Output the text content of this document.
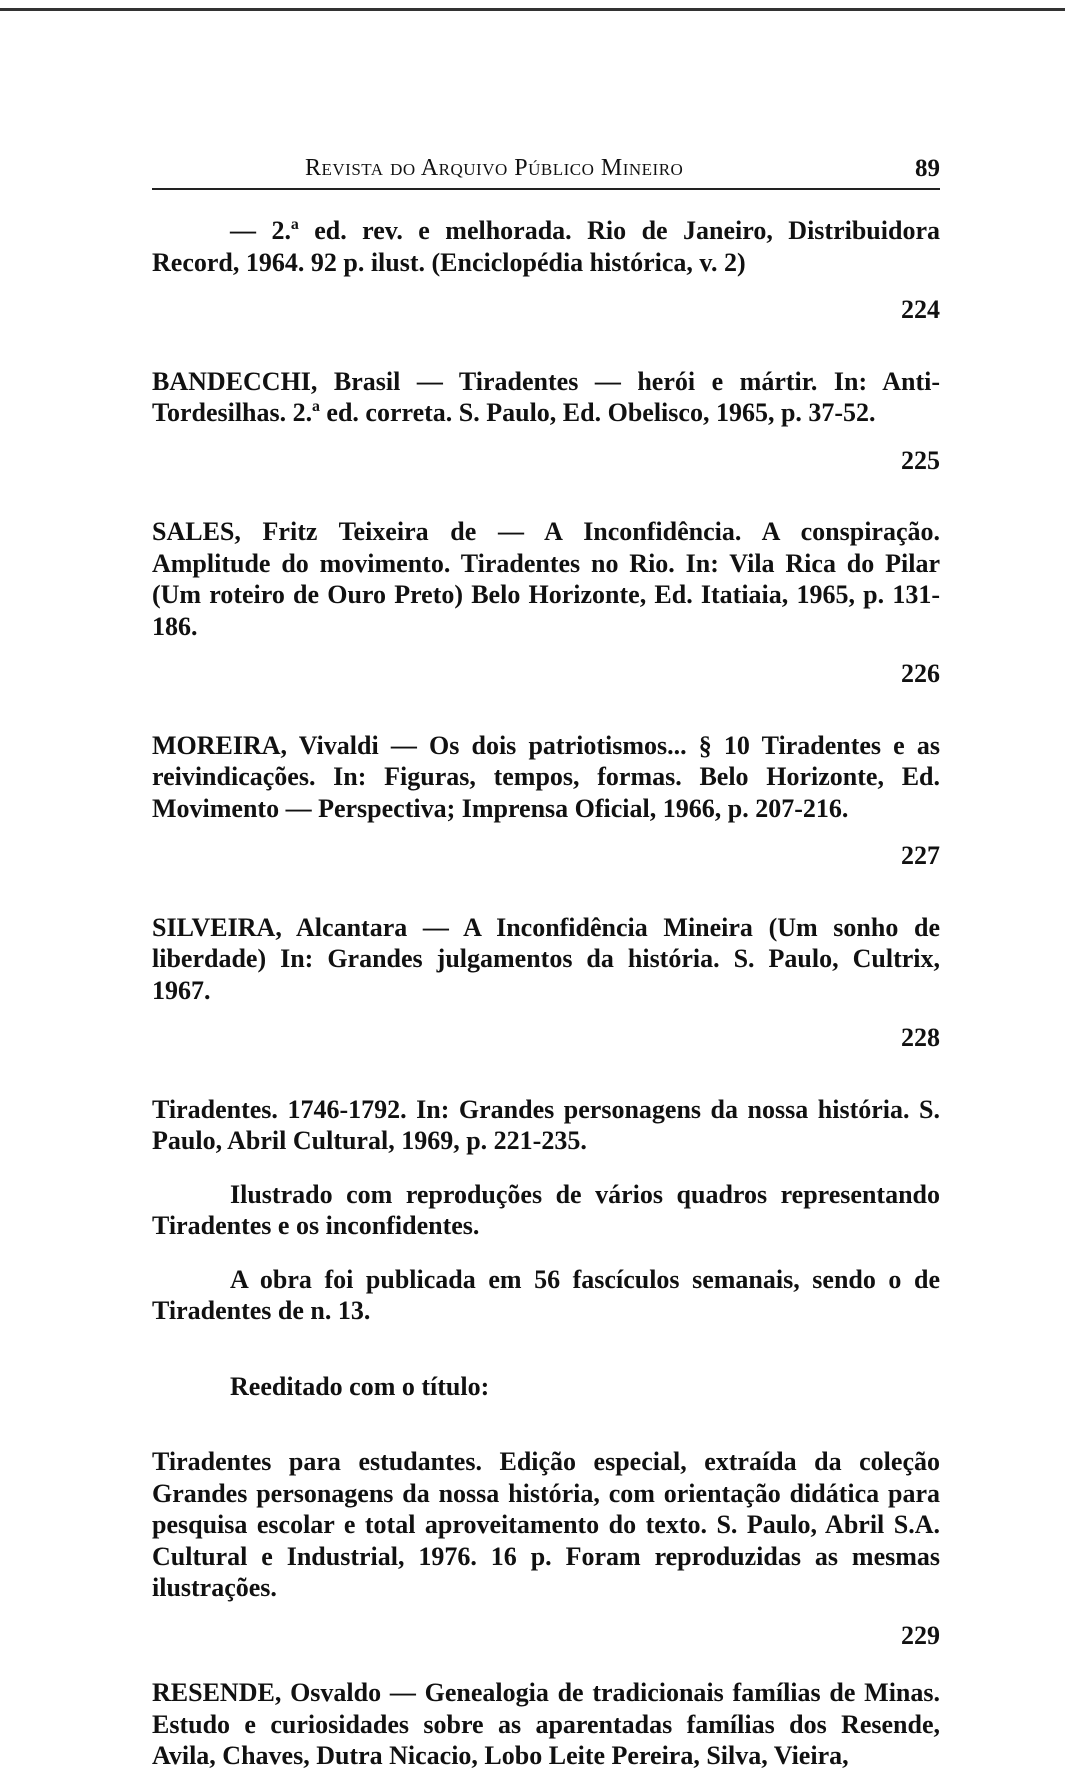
Revista do Arquivo Público Mineiro	89

— 2.ª ed. rev. e melhorada. Rio de Janeiro, Distribuidora Record, 1964. 92 p. ilust. (Enciclopédia histórica, v. 2)

224

BANDECCHI, Brasil — Tiradentes — herói e mártir. In: Anti-Tordesilhas. 2.ª ed. correta. S. Paulo, Ed. Obelisco, 1965, p. 37-52.

225

SALES, Fritz Teixeira de — A Inconfidência. A conspiração. Amplitude do movimento. Tiradentes no Rio. In: Vila Rica do Pilar (Um roteiro de Ouro Preto) Belo Horizonte, Ed. Itatiaia, 1965, p. 131-186.

226

MOREIRA, Vivaldi — Os dois patriotismos... § 10 Tiradentes e as reivindicações. In: Figuras, tempos, formas. Belo Horizonte, Ed. Movimento — Perspectiva; Imprensa Oficial, 1966, p. 207-216.

227

SILVEIRA, Alcantara — A Inconfidência Mineira (Um sonho de liberdade) In: Grandes julgamentos da história. S. Paulo, Cultrix, 1967.

228

Tiradentes. 1746-1792. In: Grandes personagens da nossa história. S. Paulo, Abril Cultural, 1969, p. 221-235.

Ilustrado com reproduções de vários quadros representando Tiradentes e os inconfidentes.

A obra foi publicada em 56 fascículos semanais, sendo o de Tiradentes de n. 13.

Reeditado com o título:

Tiradentes para estudantes. Edição especial, extraída da coleção Grandes personagens da nossa história, com orientação didática para pesquisa escolar e total aproveitamento do texto. S. Paulo, Abril S.A. Cultural e Industrial, 1976. 16 p. Foram reproduzidas as mesmas ilustrações.

229

RESENDE, Osvaldo — Genealogia de tradicionais famílias de Minas. Estudo e curiosidades sobre as aparentadas famílias dos Resende, Avila, Chaves, Dutra Nicacio, Lobo Leite Pereira, Silva, Vieira,
